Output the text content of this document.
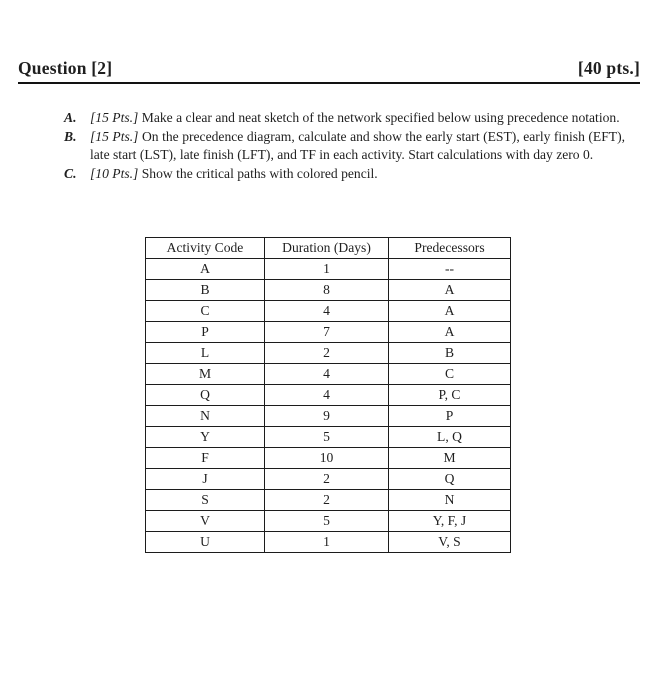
Question [2]	[40 pts.]
A. [15 Pts.] Make a clear and neat sketch of the network specified below using precedence notation.

B. [15 Pts.] On the precedence diagram, calculate and show the early start (EST), early finish (EFT), late start (LST), late finish (LFT), and TF in each activity. Start calculations with day zero 0.

C. [10 Pts.] Show the critical paths with colored pencil.

Activity Code	Duration (Days)	Predecessors
A	1	--
B	8	A
C	4	A
P	7	A
L	2	B
M	4	C
Q	4	P, C
N	9	P
Y	5	L, Q
F	10	M
J	2	Q
S	2	N
V	5	Y, F, J
U	1	V, S
